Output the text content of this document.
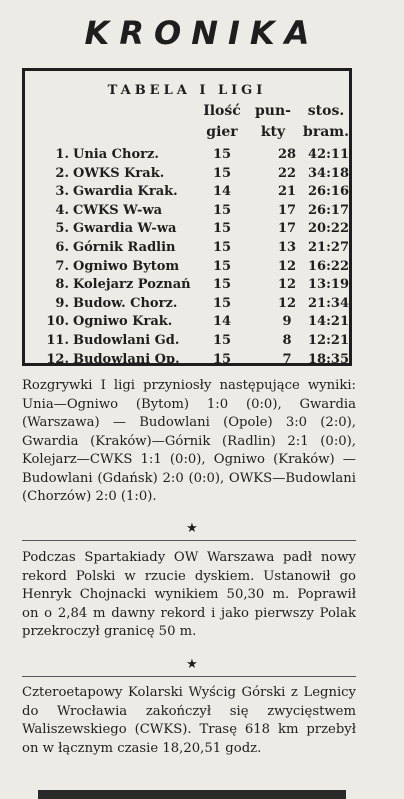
KRONIKA
TABELA I LIGI
Ilość
gier
pun-
kty
stos.
bram.
1. Unia Chorz.	15	28 42:11
2. OWKS Krak.	15	22 34:18
3. Gwardia Krak.	14	21 26:16
4. CWKS W-wa	15	17 26:17
5. Gwardia W-wa	15	17 20:22
6. Górnik Radlin	15	13 21:27
7. Ogniwo Bytom	15	12 16:22
8. Kolejarz Poznań	15	12 13:19
9. Budow. Chorz.	15	12 21:34
10. Ogniwo Krak.	14	9	14:21
11. Budowlani Gd.	15	8	12:21
12. Budowlani Op.	15	7	18:35

Rozgrywki I ligi przyniosły następujące wyniki: Unia—Ogniwo (Bytom) 1:0 (0:0), Gwardia (Warszawa) — Budowlani (Opole) 3:0 (2:0), Gwardia (Kraków)—Górnik (Radlin) 2:1 (0:0), Kolejarz—CWKS 1:1 (0:0), Ogniwo (Kraków) —Budowlani (Gdańsk) 2:0 (0:0), OWKS—Budowlani (Chorzów) 2:0 (1:0).

★

Podczas Spartakiady OW Warszawa padł nowy rekord Polski w rzucie dyskiem. Ustanowił go Henryk Chojnacki wynikiem 50,30 m. Poprawił on o 2,84 m dawny rekord i jako pierwszy Polak przekroczył granicę 50 m.

★

Czteroetapowy Kolarski Wyścig Górski z Legnicy do Wrocławia zakończył się zwycięstwem Waliszewskiego (CWKS). Trasę 618 km przebył on w łącznym czasie 18,20,51 godz.
